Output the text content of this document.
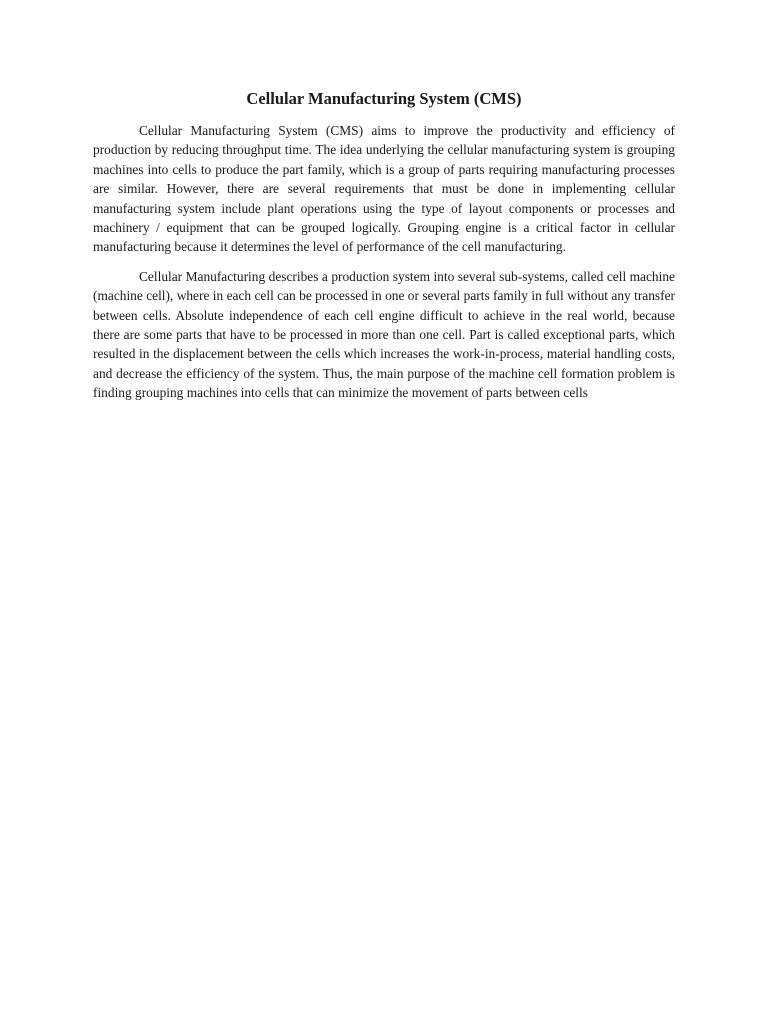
Cellular Manufacturing System (CMS)

Cellular Manufacturing System (CMS) aims to improve the productivity and efficiency of production by reducing throughput time. The idea underlying the cellular manufacturing system is grouping machines into cells to produce the part family, which is a group of parts requiring manufacturing processes are similar. However, there are several requirements that must be done in implementing cellular manufacturing system include plant operations using the type of layout components or processes and machinery / equipment that can be grouped logically. Grouping engine is a critical factor in cellular manufacturing because it determines the level of performance of the cell manufacturing.

Cellular Manufacturing describes a production system into several sub-systems, called cell machine (machine cell), where in each cell can be processed in one or several parts family in full without any transfer between cells. Absolute independence of each cell engine difficult to achieve in the real world, because there are some parts that have to be processed in more than one cell. Part is called exceptional parts, which resulted in the displacement between the cells which increases the work-in-process, material handling costs, and decrease the efficiency of the system. Thus, the main purpose of the machine cell formation problem is finding grouping machines into cells that can minimize the movement of parts between cells
